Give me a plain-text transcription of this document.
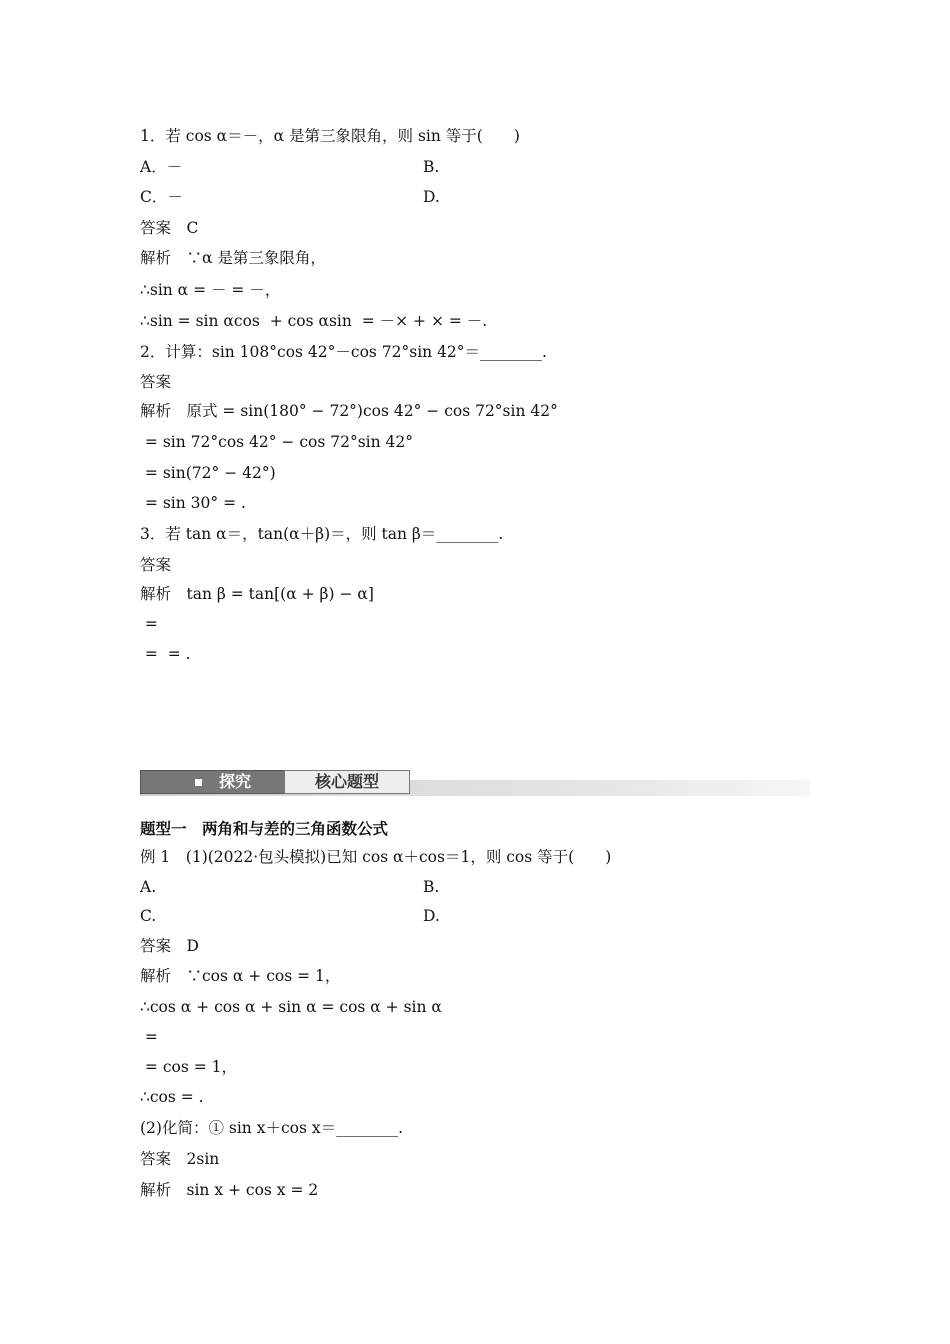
1．若 cos α＝－，α 是第三象限角，则 sin 等于(　　)
A．－	B.
C．－	D.
答案　C
解析　∵α 是第三象限角，
∴sin α = － = －，
∴sin = sin αcos  + cos αsin  = －× + × = －.
2．计算：sin 108°cos 42°－cos 72°sin 42°＝________.
答案
解析　原式 = sin(180° − 72°)cos 42° − cos 72°sin 42°
= sin 72°cos 42° − cos 72°sin 42°
= sin(72° − 42°)
= sin 30° = .
3．若 tan α＝，tan(α＋β)＝，则 tan β＝________.
答案
解析　tan β = tan[(α + β) − α]
=
=  = .
探究	核心题型
题型一　两角和与差的三角函数公式
例 1　(1)(2022·包头模拟)已知 cos α＋cos＝1，则 cos 等于(　　)
A.	B.
C.	D.
答案　D
解析　∵cos α + cos = 1，
∴cos α + cos α + sin α = cos α + sin α
=
= cos = 1，
∴cos = .
(2)化简：① sin x＋cos x＝________.
答案　2sin
解析　sin x + cos x = 2
